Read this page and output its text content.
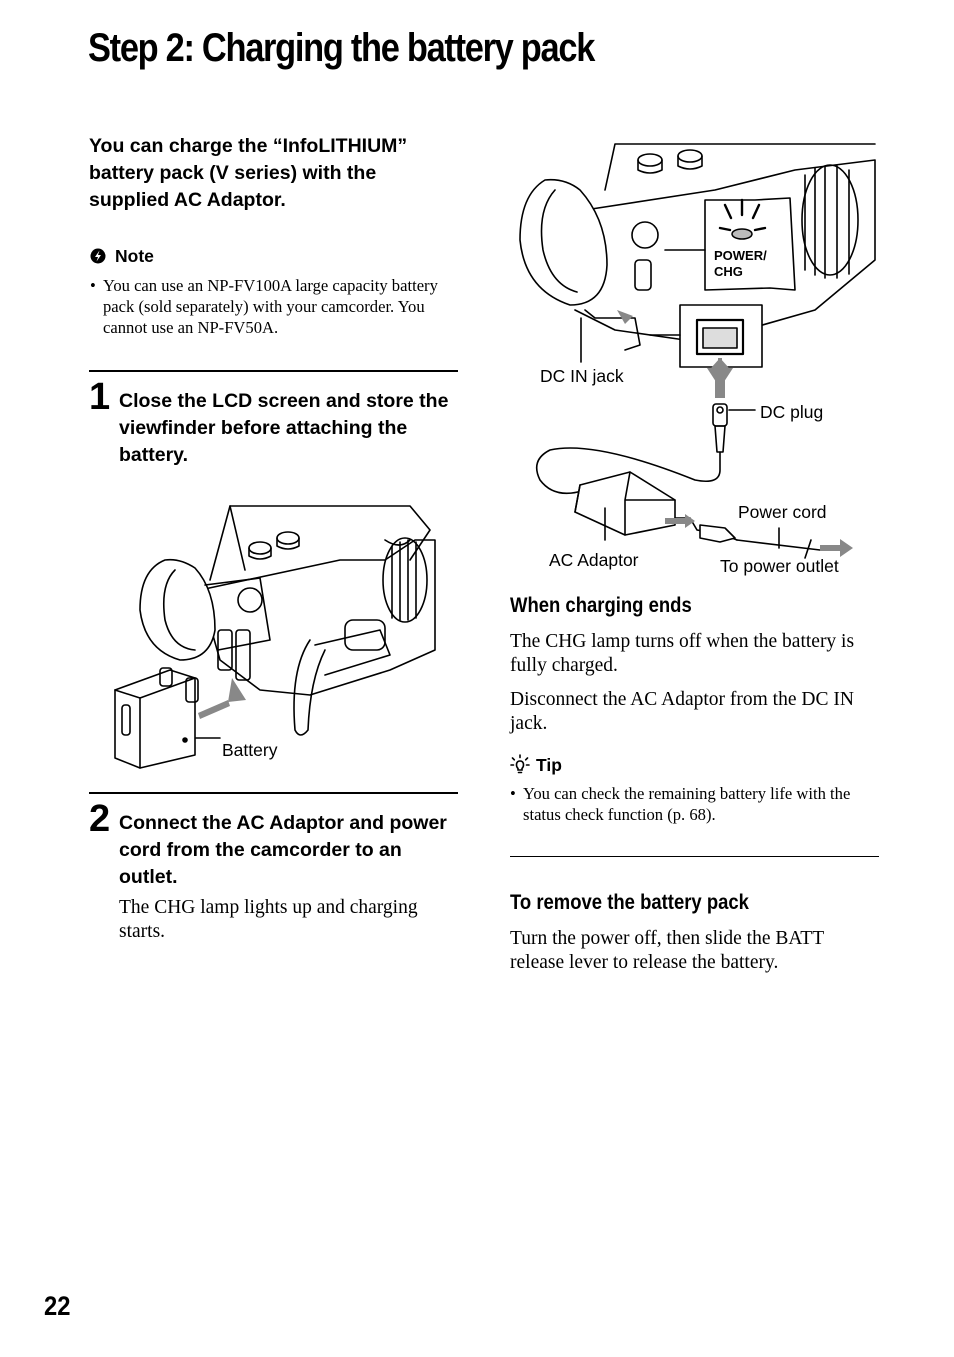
Step 2: Charging the battery pack

You can charge the “InfoLITHIUM” battery pack (V series) with the supplied AC Adaptor.

Note

• You can use an NP-FV100A large capacity battery pack (sold separately) with your camcorder. You cannot use an NP-FV50A.

1 Close the LCD screen and store the viewfinder before attaching the battery.

Battery
2 Connect the AC Adaptor and power cord from the camcorder to an outlet.

The CHG lamp lights up and charging starts.

POWER/
CHG
DC IN jack
DC plug
Power cord
AC Adaptor	To power outlet
When charging ends

The CHG lamp turns off when the battery is fully charged.

Disconnect the AC Adaptor from the DC IN jack.

Tip

• You can check the remaining battery life with the status check function (p. 68).

To remove the battery pack

Turn the power off, then slide the BATT release lever to release the battery.

22
